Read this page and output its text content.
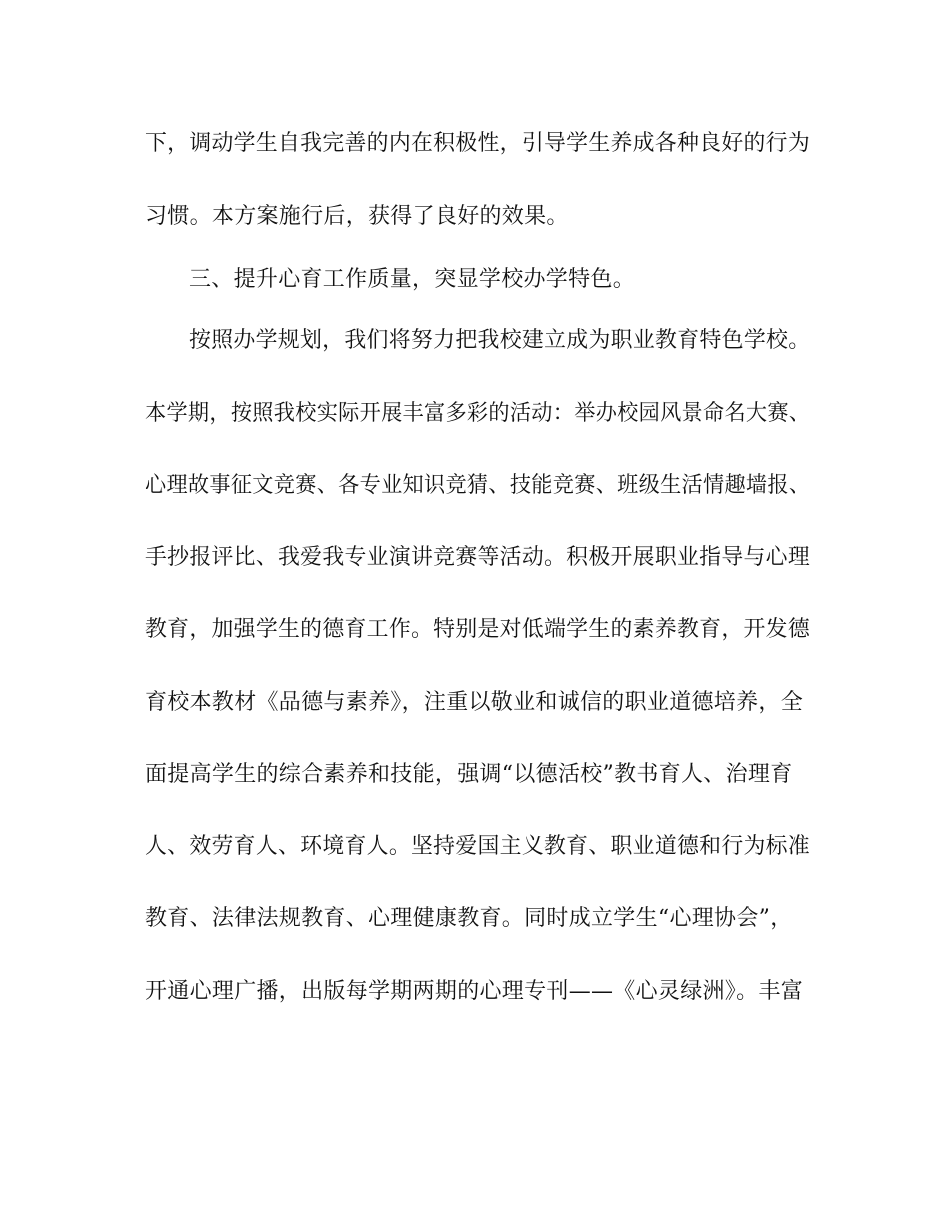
下，调动学生自我完善的内在积极性，引导学生养成各种良好的行为
习惯。本方案施行后，获得了良好的效果。
三、提升心育工作质量，突显学校办学特色。
按照办学规划，我们将努力把我校建立成为职业教育特色学校。
本学期，按照我校实际开展丰富多彩的活动：举办校园风景命名大赛、
心理故事征文竞赛、各专业知识竞猜、技能竞赛、班级生活情趣墙报、
手抄报评比、我爱我专业演讲竞赛等活动。积极开展职业指导与心理
教育，加强学生的德育工作。特别是对低端学生的素养教育，开发德
育校本教材《品德与素养》，注重以敬业和诚信的职业道德培养，全
面提高学生的综合素养和技能，强调“以德活校”教书育人、治理育
人、效劳育人、环境育人。坚持爱国主义教育、职业道德和行为标准
教育、法律法规教育、心理健康教育。同时成立学生“心理协会”，
开通心理广播，出版每学期两期的心理专刊——《心灵绿洲》。丰富
